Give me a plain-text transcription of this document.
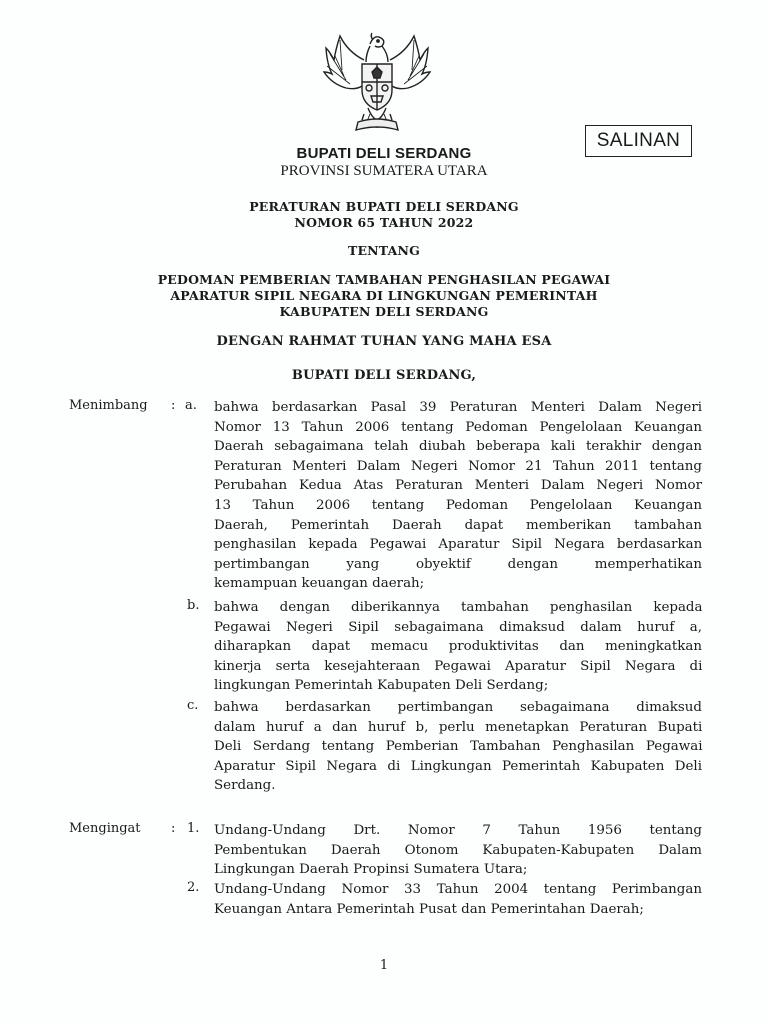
SALINAN
BUPATI DELI SERDANG
PROVINSI SUMATERA UTARA
PERATURAN BUPATI DELI SERDANG
NOMOR 65 TAHUN 2022
TENTANG
PEDOMAN PEMBERIAN TAMBAHAN PENGHASILAN PEGAWAI
APARATUR SIPIL NEGARA DI LINGKUNGAN PEMERINTAH
KABUPATEN DELI SERDANG
DENGAN RAHMAT TUHAN YANG MAHA ESA
BUPATI DELI SERDANG,
Menimbang : a. bahwa berdasarkan Pasal 39 Peraturan Menteri Dalam Negeri
Nomor 13 Tahun 2006 tentang Pedoman Pengelolaan Keuangan
Daerah sebagaimana telah diubah beberapa kali terakhir dengan
Peraturan Menteri Dalam Negeri Nomor 21 Tahun 2011 tentang
Perubahan Kedua Atas Peraturan Menteri Dalam Negeri Nomor
13 Tahun 2006 tentang Pedoman Pengelolaan Keuangan
Daerah, Pemerintah Daerah dapat memberikan tambahan
penghasilan kepada Pegawai Aparatur Sipil Negara berdasarkan
pertimbangan yang obyektif dengan memperhatikan
kemampuan keuangan daerah;
b. bahwa dengan diberikannya tambahan penghasilan kepada
Pegawai Negeri Sipil sebagaimana dimaksud dalam huruf a,
diharapkan dapat memacu produktivitas dan meningkatkan
kinerja serta kesejahteraan Pegawai Aparatur Sipil Negara di
lingkungan Pemerintah Kabupaten Deli Serdang;
c. bahwa berdasarkan pertimbangan sebagaimana dimaksud
dalam huruf a dan huruf b, perlu menetapkan Peraturan Bupati
Deli Serdang tentang Pemberian Tambahan Penghasilan Pegawai
Aparatur Sipil Negara di Lingkungan Pemerintah Kabupaten Deli
Serdang.
Mengingat : 1. Undang-Undang Drt. Nomor 7 Tahun 1956 tentang
Pembentukan Daerah Otonom Kabupaten-Kabupaten Dalam
Lingkungan Daerah Propinsi Sumatera Utara;
2. Undang-Undang Nomor 33 Tahun 2004 tentang Perimbangan
Keuangan Antara Pemerintah Pusat dan Pemerintahan Daerah;
1
